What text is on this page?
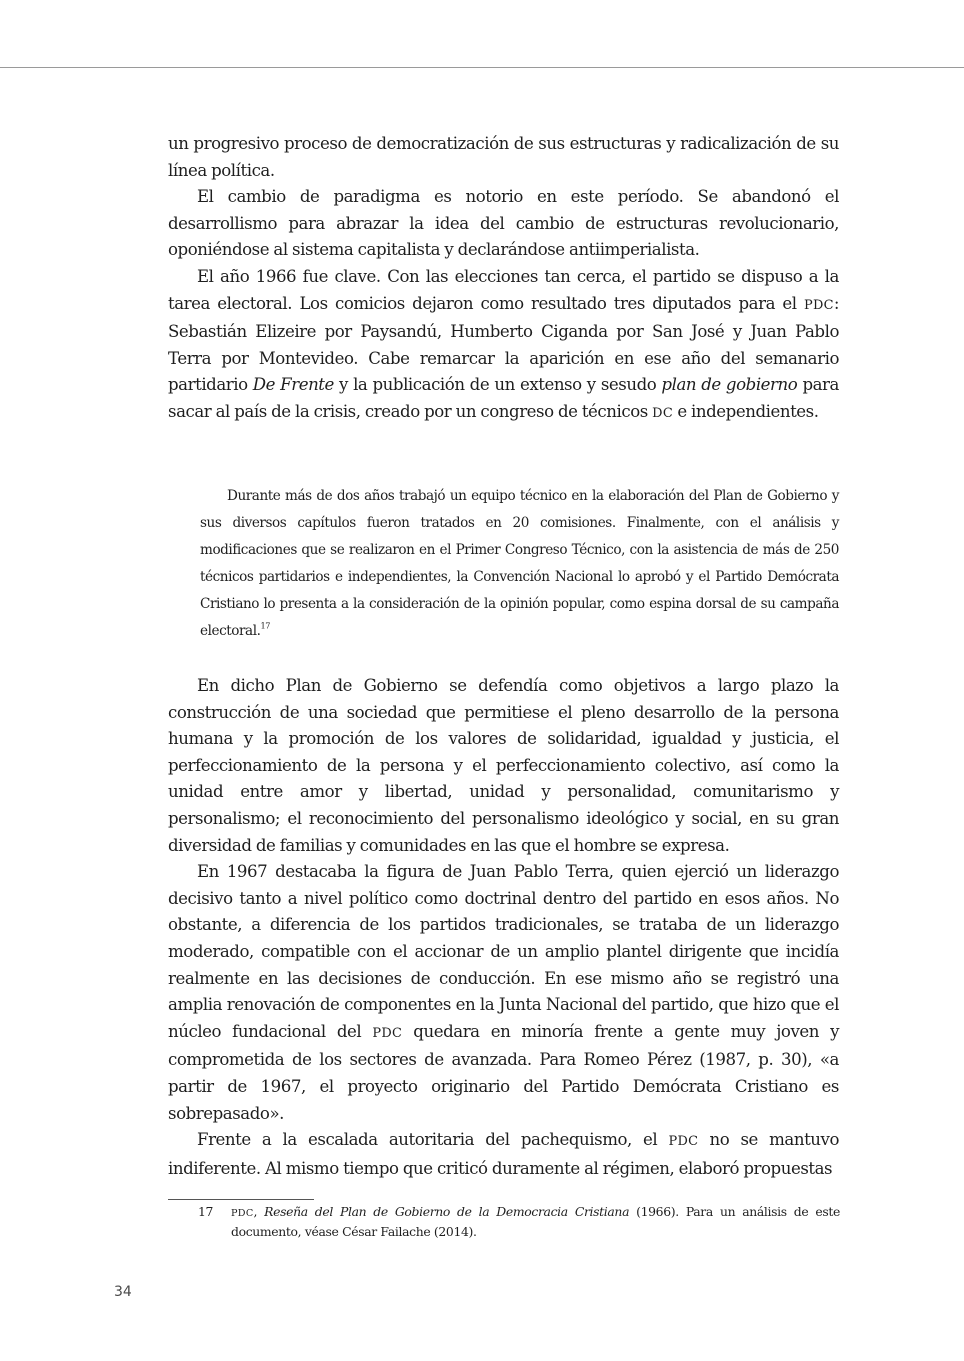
un progresivo proceso de democratización de sus estructuras y radicalización de su línea política.

El cambio de paradigma es notorio en este período. Se abandonó el desarrollismo para abrazar la idea del cambio de estructuras revolucionario, oponiéndose al sistema capitalista y declarándose antiimperialista.

El año 1966 fue clave. Con las elecciones tan cerca, el partido se dispuso a la tarea electoral. Los comicios dejaron como resultado tres diputados para el PDC: Sebastián Elizeire por Paysandú, Humberto Ciganda por San José y Juan Pablo Terra por Montevideo. Cabe remarcar la aparición en ese año del semanario partidario De Frente y la publicación de un extenso y sesudo plan de gobierno para sacar al país de la crisis, creado por un congreso de técnicos DC e independientes.

Durante más de dos años trabajó un equipo técnico en la elaboración del Plan de Gobierno y sus diversos capítulos fueron tratados en 20 comisiones. Finalmente, con el análisis y modificaciones que se realizaron en el Primer Congreso Técnico, con la asistencia de más de 250 técnicos partidarios e independientes, la Convención Nacional lo aprobó y el Partido Demócrata Cristiano lo presenta a la consideración de la opinión popular, como espina dorsal de su campaña electoral.$^{17}$

En dicho Plan de Gobierno se defendía como objetivos a largo plazo la construcción de una sociedad que permitiese el pleno desarrollo de la persona humana y la promoción de los valores de solidaridad, igualdad y justicia, el perfeccionamiento de la persona y el perfeccionamiento colectivo, así como la unidad entre amor y libertad, unidad y personalidad, comunitarismo y personalismo; el reconocimiento del personalismo ideológico y social, en su gran diversidad de familias y comunidades en las que el hombre se expresa.

En 1967 destacaba la figura de Juan Pablo Terra, quien ejerció un liderazgo decisivo tanto a nivel político como doctrinal dentro del partido en esos años. No obstante, a diferencia de los partidos tradicionales, se trataba de un liderazgo moderado, compatible con el accionar de un amplio plantel dirigente que incidía realmente en las decisiones de conducción. En ese mismo año se registró una amplia renovación de componentes en la Junta Nacional del partido, que hizo que el núcleo fundacional del PDC quedara en minoría frente a gente muy joven y comprometida de los sectores de avanzada. Para Romeo Pérez (1987, p. 30), «a partir de 1967, el proyecto originario del Partido Demócrata Cristiano es sobrepasado».

Frente a la escalada autoritaria del pachequismo, el PDC no se mantuvo indiferente. Al mismo tiempo que criticó duramente al régimen, elaboró propuestas

17 PDC, Reseña del Plan de Gobierno de la Democracia Cristiana (1966). Para un análisis de este documento, véase César Failache (2014).
34
